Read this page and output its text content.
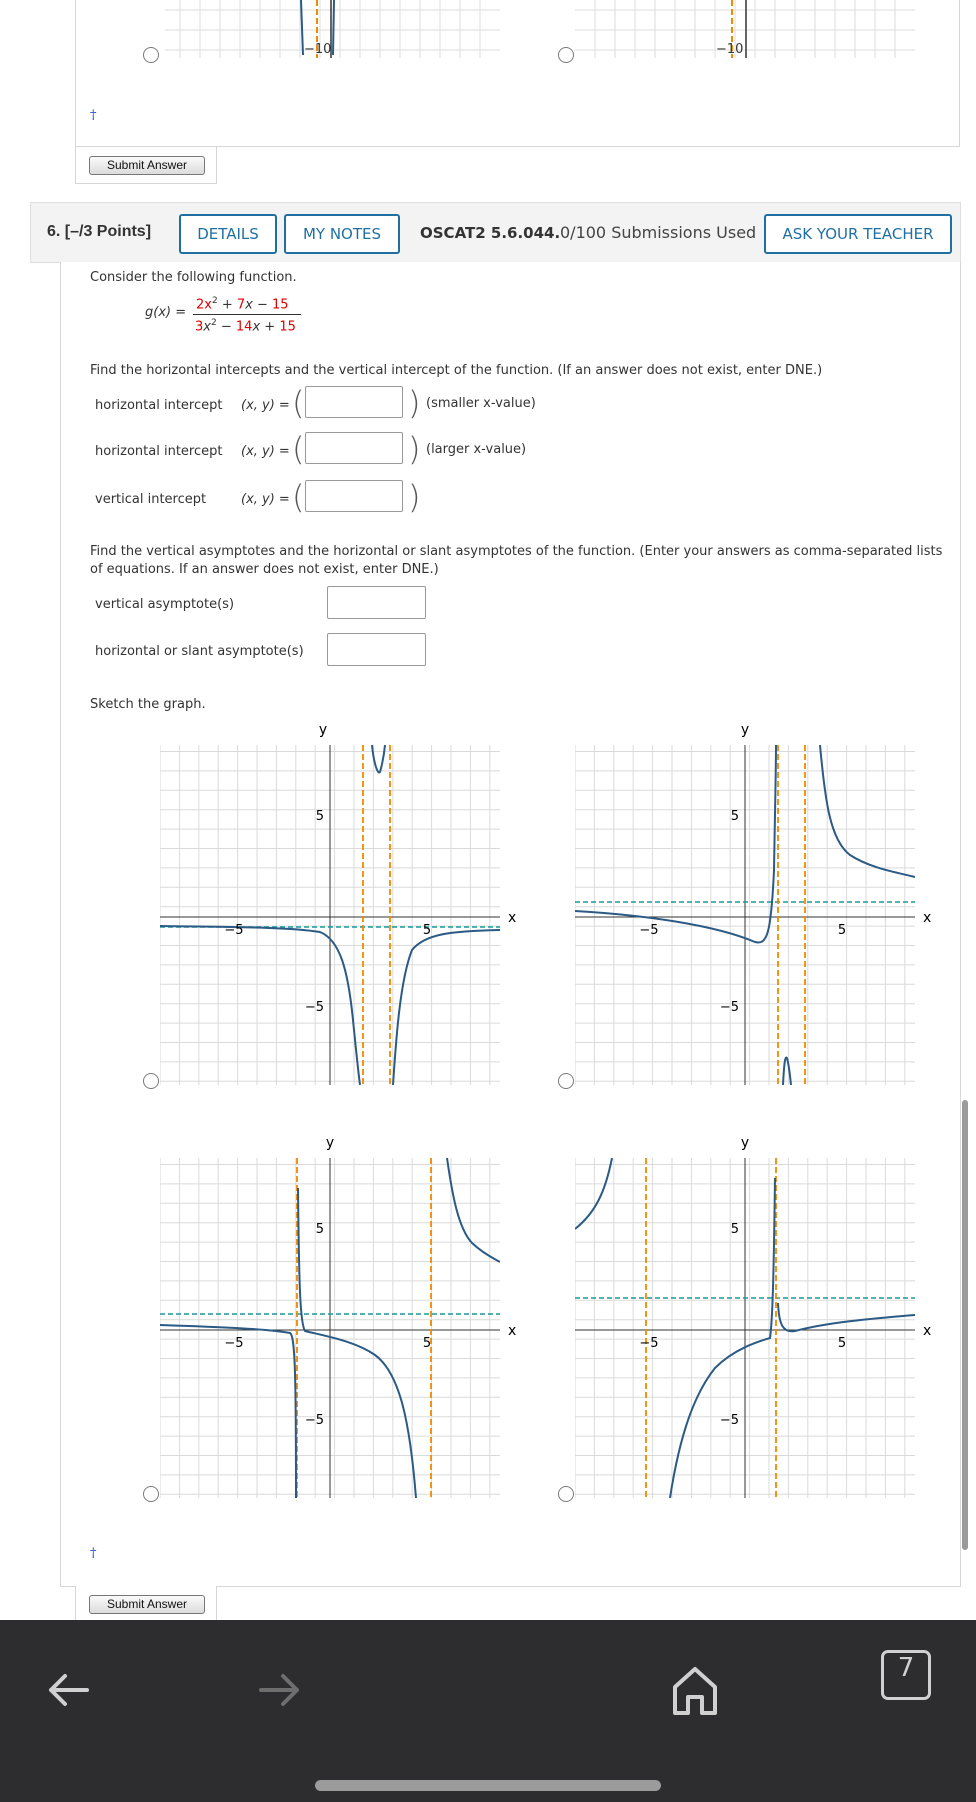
−10	−10
†
Submit Answer
6. [–/3 Points]	DETAILS	MY NOTES	OSCAT2 5.6.044. 0/100 Submissions Used	ASK YOUR TEACHER
Consider the following function.
g(x) =
$2x^2 + 7x - 15$
$3x^2 - 14x + 15$
Find the horizontal intercepts and the vertical intercept of the function. (If an answer does not exist, enter DNE.)
horizontal intercept (x, y) = (	) (smaller x-value)
horizontal intercept (x, y) = (	) (larger x-value)
vertical intercept	(x, y) = (	)
Find the vertical asymptotes and the horizontal or slant asymptotes of the function. (Enter your answers as comma-separated lists
of equations. If an answer does not exist, enter DNE.)
vertical asymptote(s)
horizontal or slant asymptote(s)
Sketch the graph.
y
x
−5	5
5
−5
y
x
−5	5
5
−5
y
x
−5	5
5
−5
y
x
−5	5
5
−5
†
Submit Answer
7
